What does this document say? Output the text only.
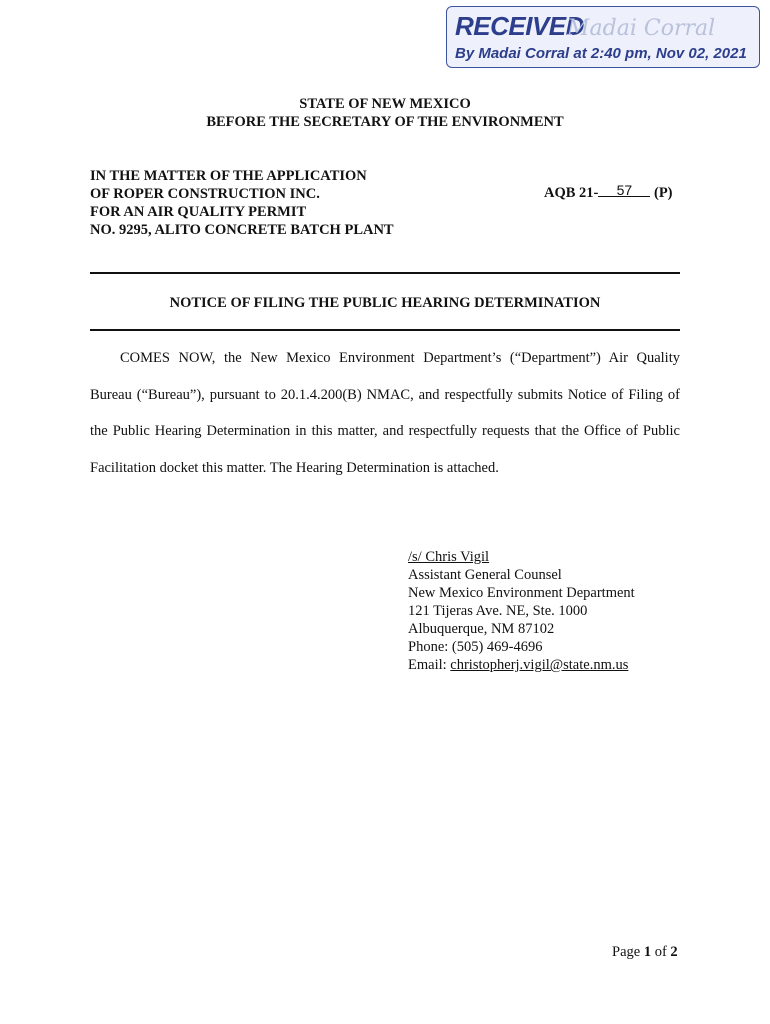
RECEIVED
Madai Corral
By Madai Corral at 2:40 pm, Nov 02, 2021
STATE OF NEW MEXICO
BEFORE THE SECRETARY OF THE ENVIRONMENT
IN THE MATTER OF THE APPLICATION
OF ROPER CONSTRUCTION INC.
FOR AN AIR QUALITY PERMIT
NO. 9295, ALITO CONCRETE BATCH PLANT
AQB 21- 57 (P)
NOTICE OF FILING THE PUBLIC HEARING DETERMINATION

COMES NOW, the New Mexico Environment Department’s (“Department”) Air Quality Bureau (“Bureau”), pursuant to 20.1.4.200(B) NMAC, and respectfully submits Notice of Filing of the Public Hearing Determination in this matter, and respectfully requests that the Office of Public Facilitation docket this matter. The Hearing Determination is attached.

/s/ Chris Vigil
Assistant General Counsel
New Mexico Environment Department
121 Tijeras Ave. NE, Ste. 1000
Albuquerque, NM 87102
Phone: (505) 469-4696
Email: christopherj.vigil@state.nm.us
Page 1 of 2
